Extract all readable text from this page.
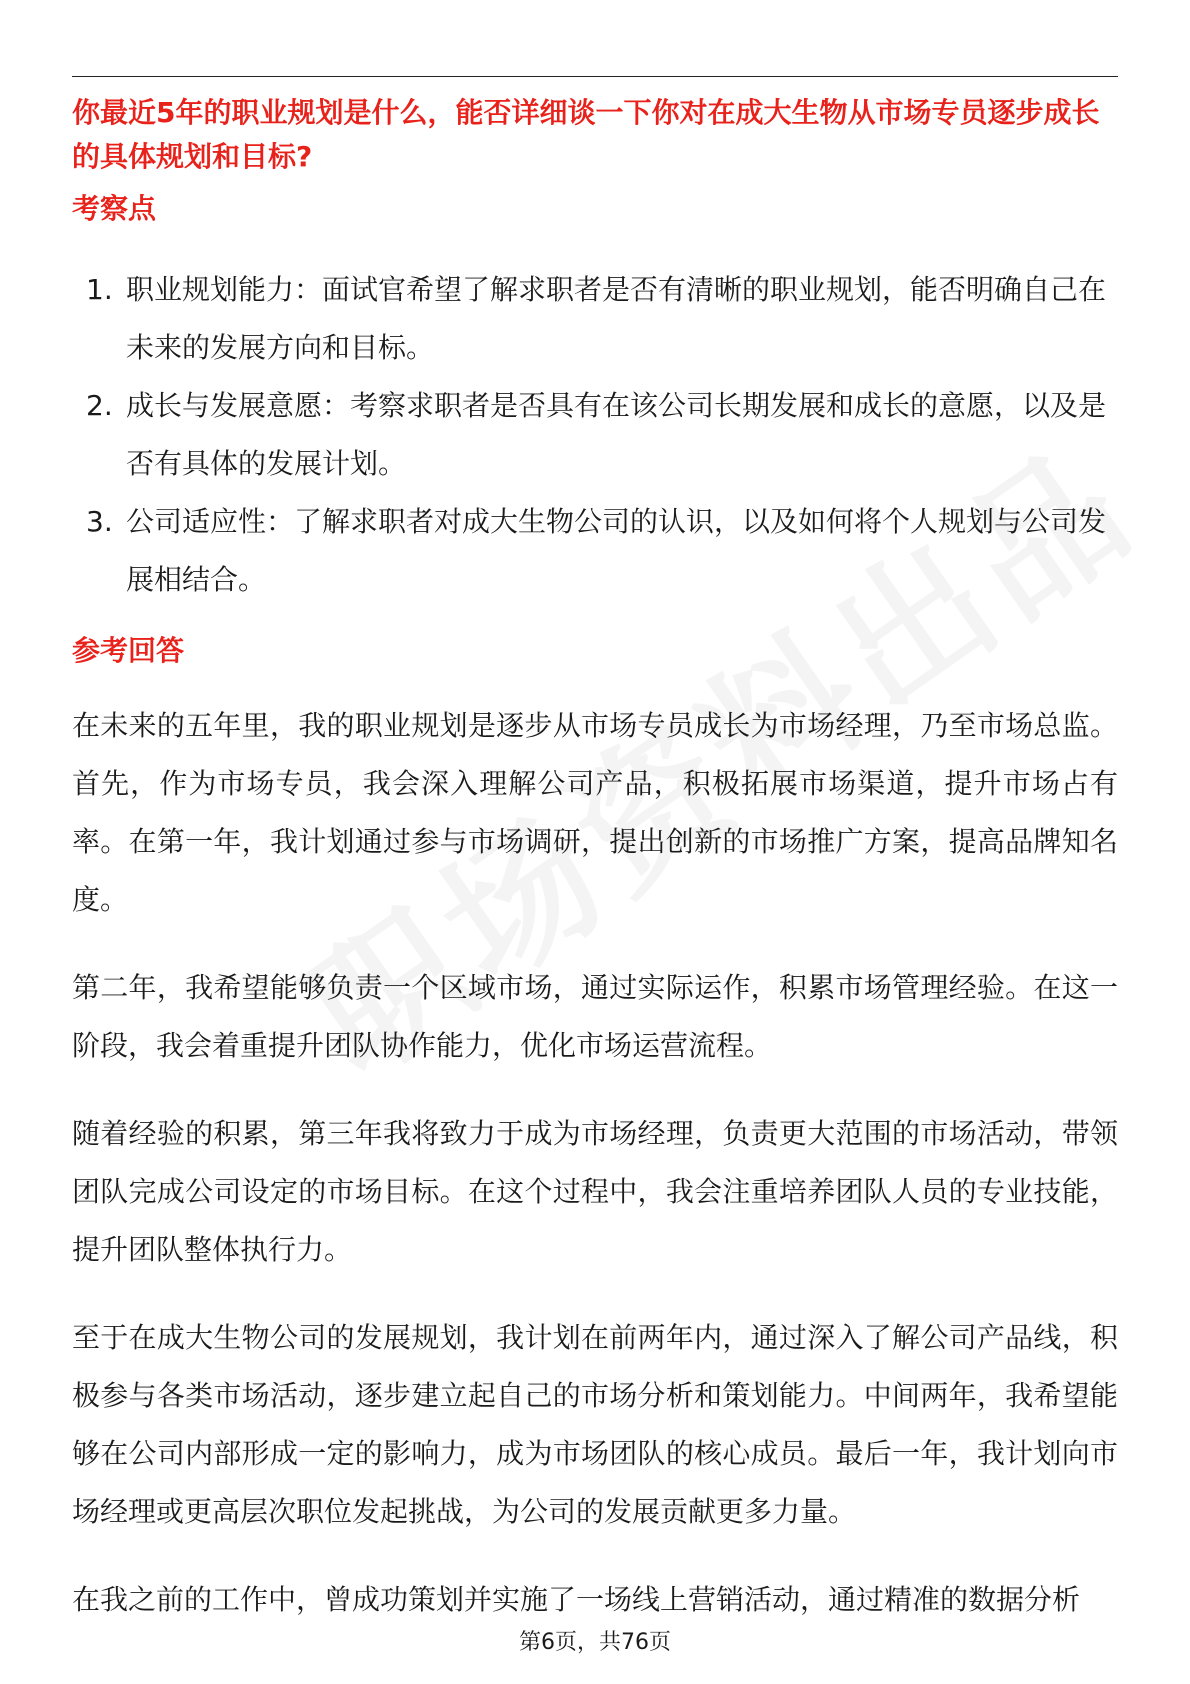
你最近5年的职业规划是什么，能否详细谈一下你对在成大生物从市场专员逐步成长的具体规划和目标?
考察点
1. 职业规划能力：面试官希望了解求职者是否有清晰的职业规划，能否明确自己在未来的发展方向和目标。
2. 成长与发展意愿：考察求职者是否具有在该公司长期发展和成长的意愿，以及是否有具体的发展计划。
3. 公司适应性：了解求职者对成大生物公司的认识，以及如何将个人规划与公司发展相结合。
参考回答

在未来的五年里，我的职业规划是逐步从市场专员成长为市场经理，乃至市场总监。首先，作为市场专员，我会深入理解公司产品，积极拓展市场渠道，提升市场占有率。在第一年，我计划通过参与市场调研，提出创新的市场推广方案，提高品牌知名度。

第二年，我希望能够负责一个区域市场，通过实际运作，积累市场管理经验。在这一阶段，我会着重提升团队协作能力，优化市场运营流程。

随着经验的积累，第三年我将致力于成为市场经理，负责更大范围的市场活动，带领团队完成公司设定的市场目标。在这个过程中，我会注重培养团队人员的专业技能，提升团队整体执行力。

至于在成大生物公司的发展规划，我计划在前两年内，通过深入了解公司产品线，积极参与各类市场活动，逐步建立起自己的市场分析和策划能力。中间两年，我希望能够在公司内部形成一定的影响力，成为市场团队的核心成员。最后一年，我计划向市场经理或更高层次职位发起挑战，为公司的发展贡献更多力量。

在我之前的工作中，曾成功策划并实施了一场线上营销活动，通过精准的数据分析

第6页，共76页
